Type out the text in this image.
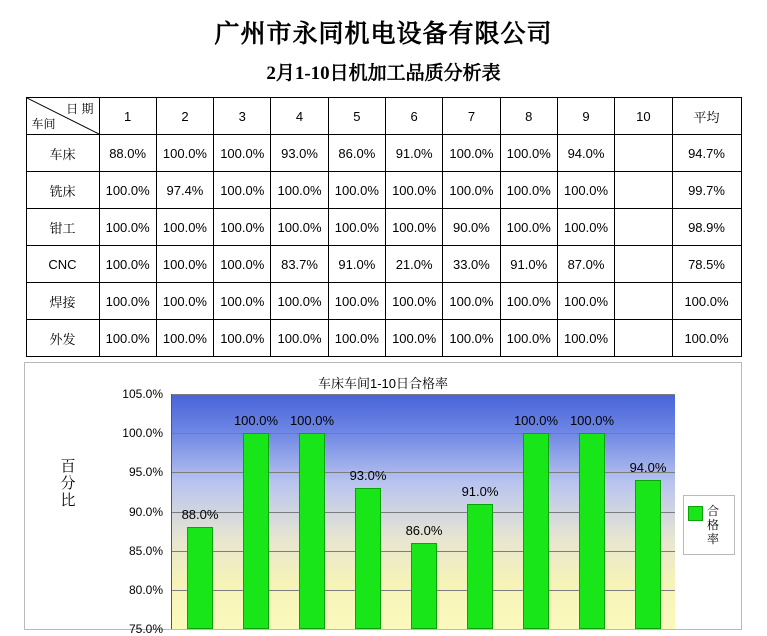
广州市永同机电设备有限公司
2月1-10日机加工品质分析表
日 期
车间	1	2	3	4	5	6	7	8	9	10	平均
车床	88.0%	100.0%	100.0%	93.0%	86.0%	91.0%	100.0%	100.0%	94.0%		94.7%
铣床	100.0%	97.4%	100.0%	100.0%	100.0%	100.0%	100.0%	100.0%	100.0%		99.7%
钳工	100.0%	100.0%	100.0%	100.0%	100.0%	100.0%	90.0%	100.0%	100.0%		98.9%
CNC	100.0%	100.0%	100.0%	83.7%	91.0%	21.0%	33.0%	91.0%	87.0%		78.5%
焊接	100.0%	100.0%	100.0%	100.0%	100.0%	100.0%	100.0%	100.0%	100.0%		100.0%
外发	100.0%	100.0%	100.0%	100.0%	100.0%	100.0%	100.0%	100.0%	100.0%		100.0%
车床车间1-10日合格率
百分比
105.0%
100.0%
95.0%
90.0%
85.0%
80.0%
75.0%
88.0%
100.0% 100.0%
93.0%
86.0%
91.0%
100.0% 100.0%
94.0%
合格率
